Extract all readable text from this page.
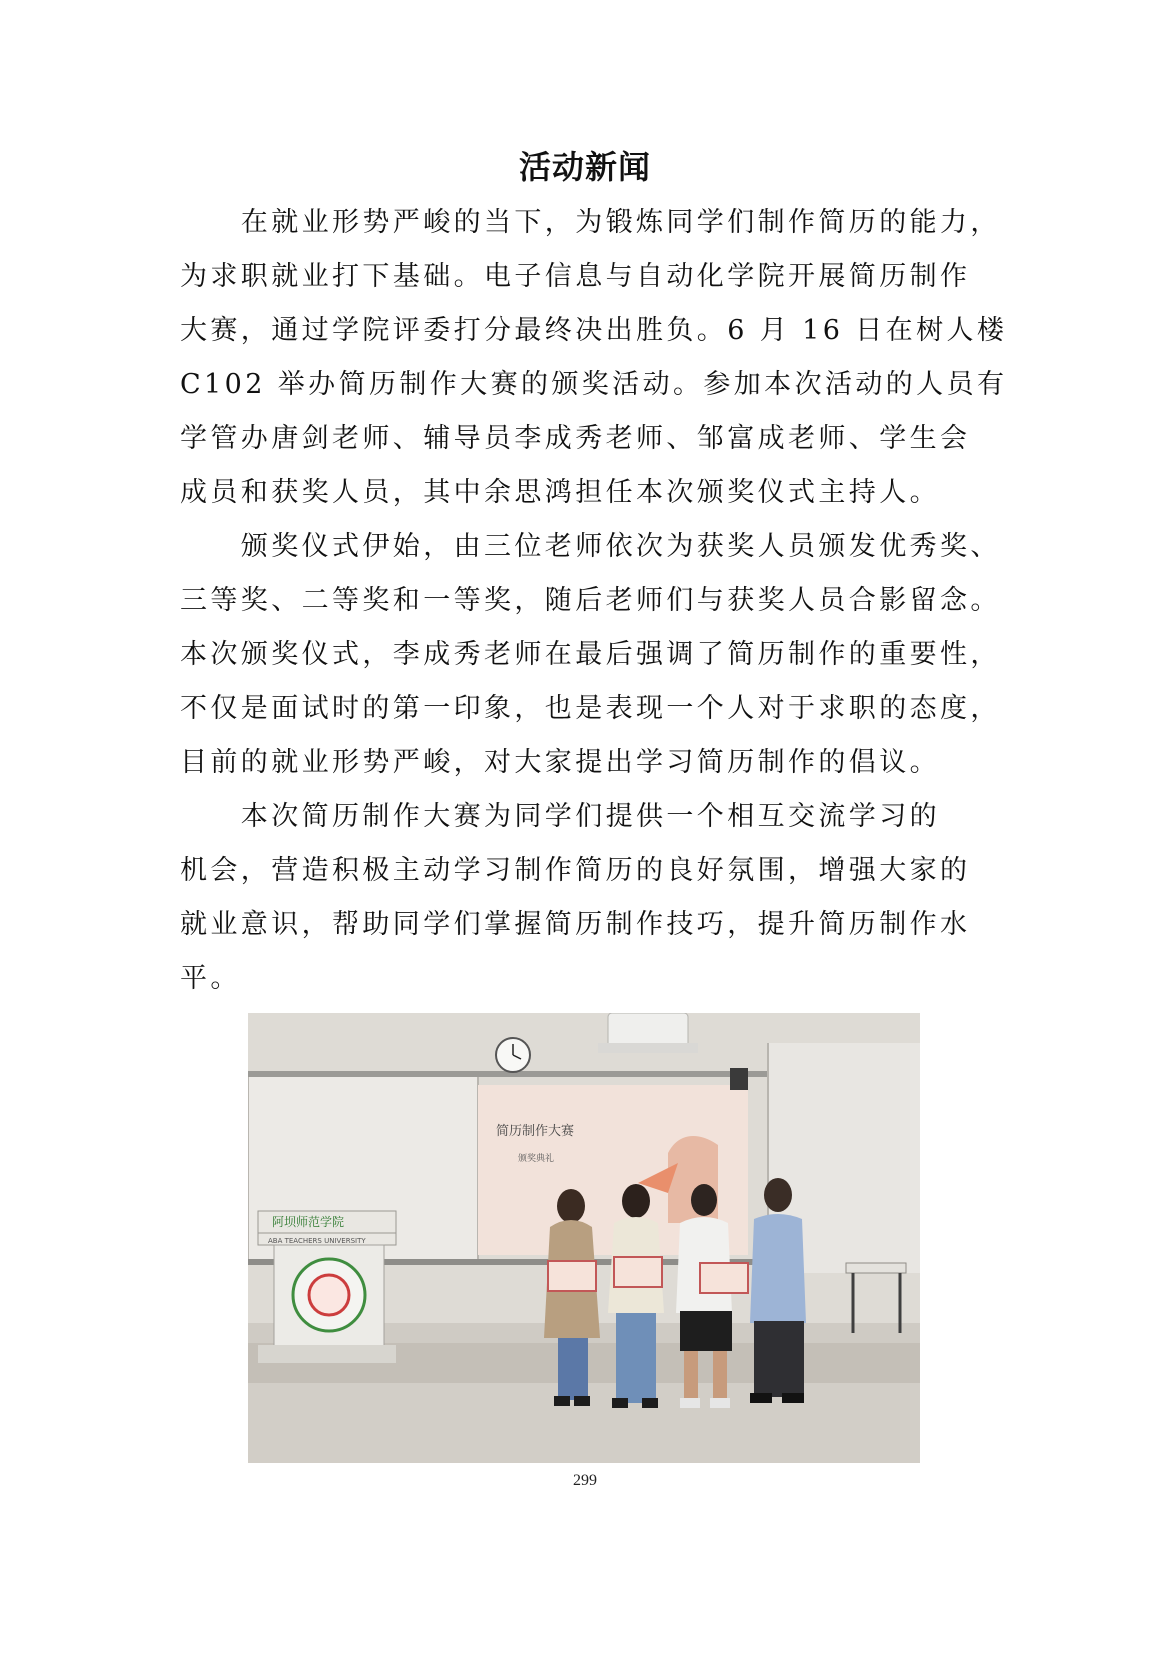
活动新闻
　　在就业形势严峻的当下，为锻炼同学们制作简历的能力，
为求职就业打下基础。电子信息与自动化学院开展简历制作
大赛，通过学院评委打分最终决出胜负。6 月 16 日在树人楼
C102 举办简历制作大赛的颁奖活动。参加本次活动的人员有
学管办唐剑老师、辅导员李成秀老师、邹富成老师、学生会
成员和获奖人员，其中余思鸿担任本次颁奖仪式主持人。
　　颁奖仪式伊始，由三位老师依次为获奖人员颁发优秀奖、
三等奖、二等奖和一等奖，随后老师们与获奖人员合影留念。
本次颁奖仪式，李成秀老师在最后强调了简历制作的重要性，
不仅是面试时的第一印象，也是表现一个人对于求职的态度，
目前的就业形势严峻，对大家提出学习简历制作的倡议。
　　本次简历制作大赛为同学们提供一个相互交流学习的
机会，营造积极主动学习制作简历的良好氛围，增强大家的
就业意识，帮助同学们掌握简历制作技巧，提升简历制作水
平。
简历制作大赛
颁奖典礼
阿坝师范学院
ABA TEACHERS UNIVERSITY
299
